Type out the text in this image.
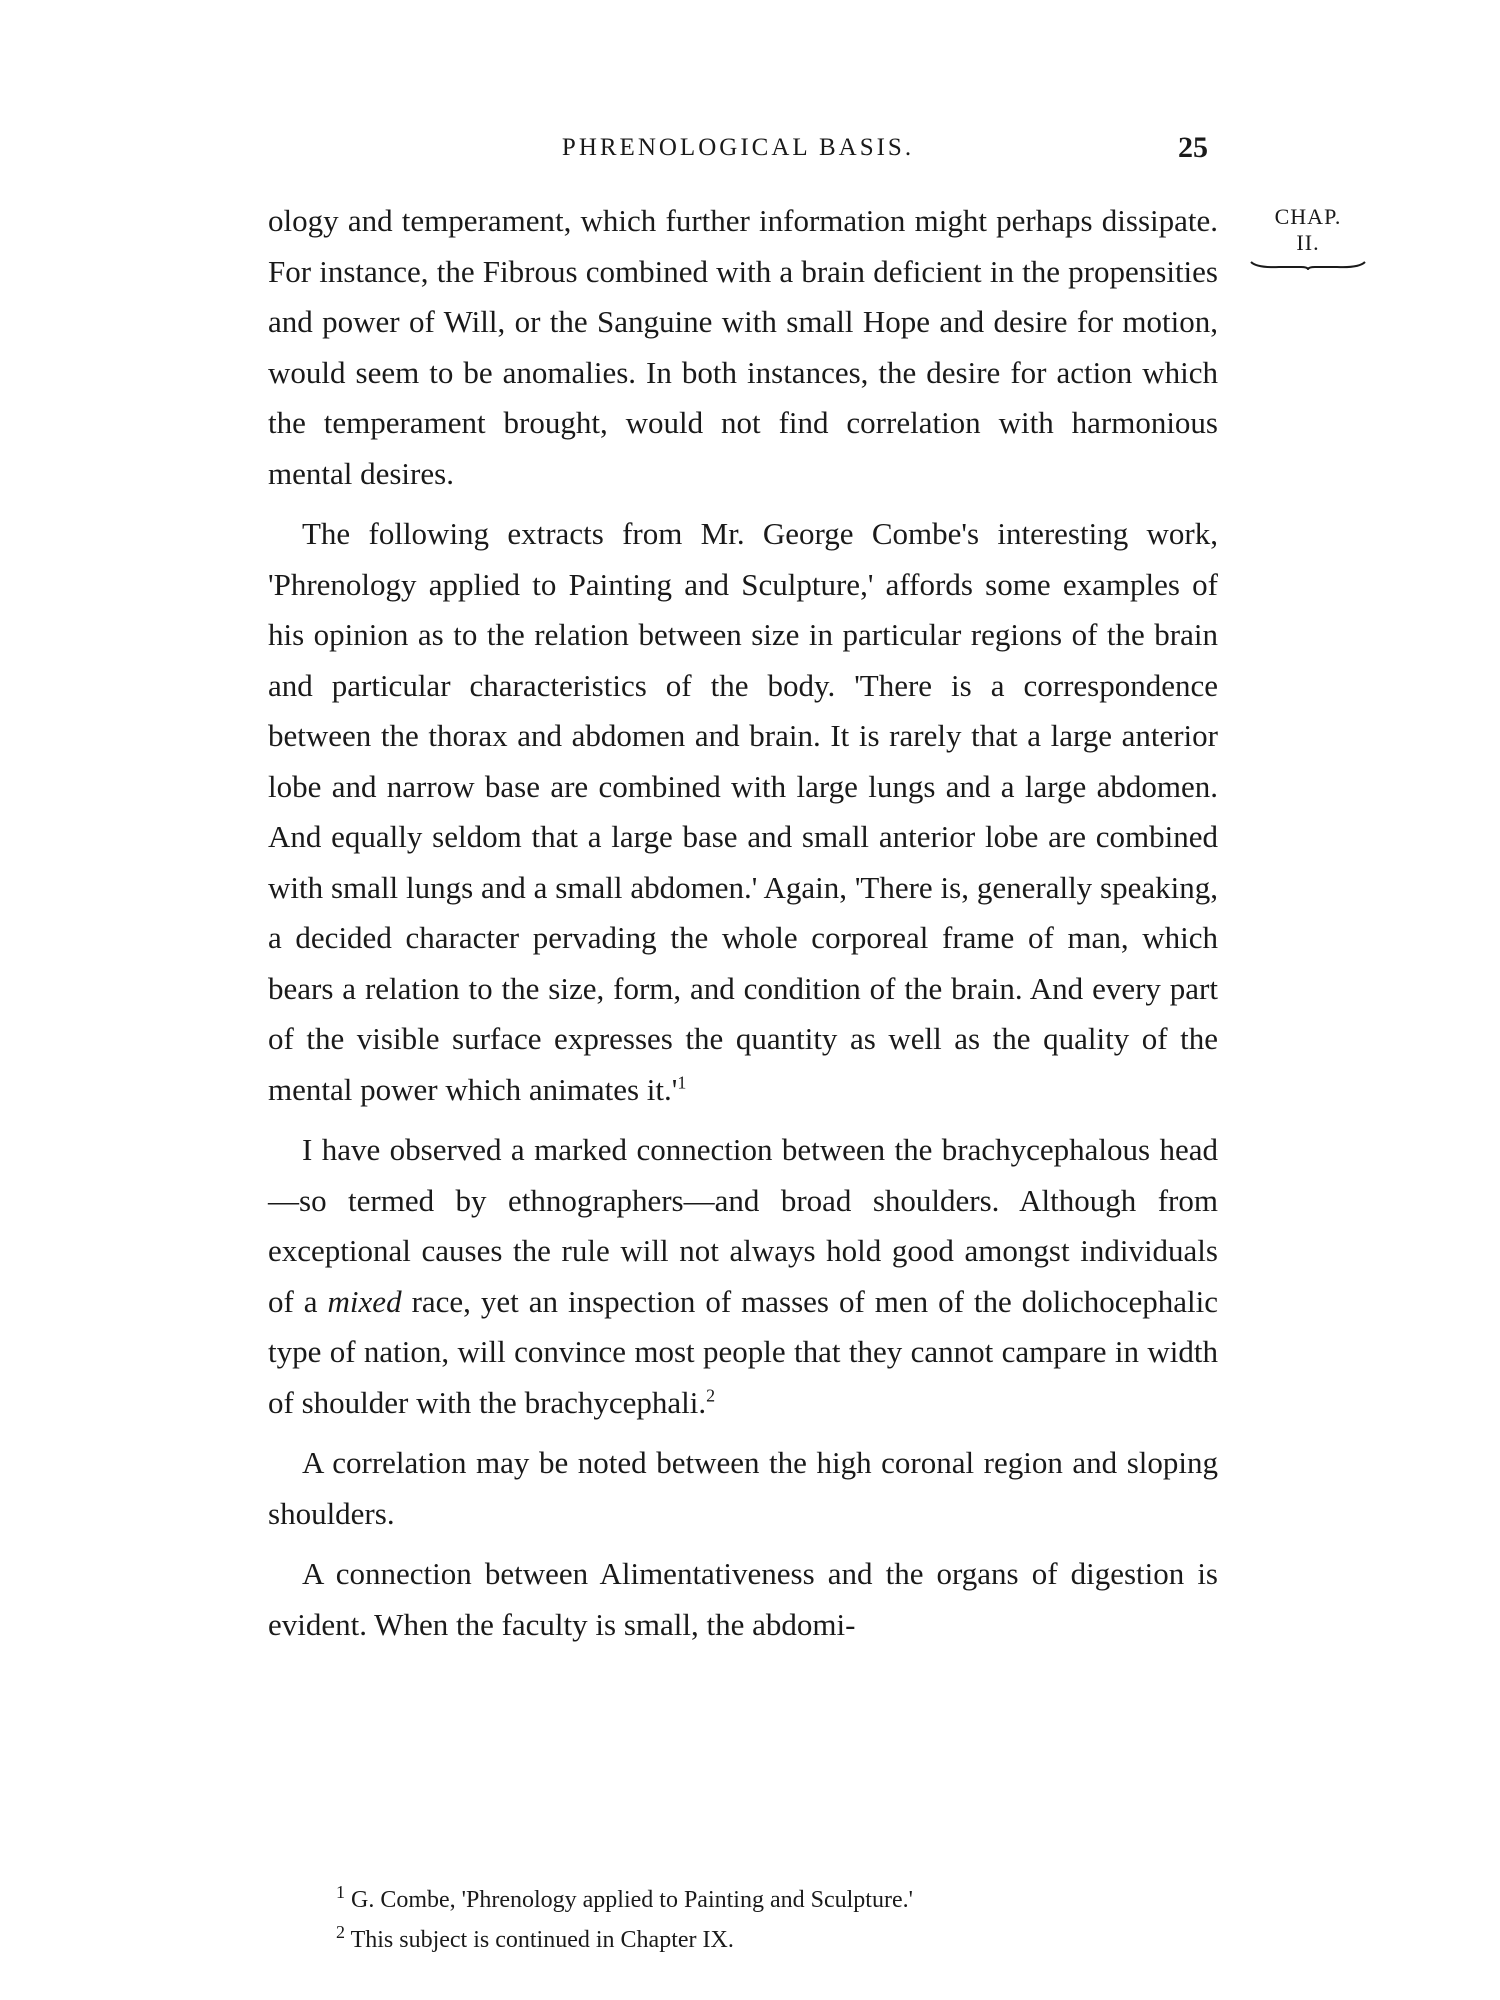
PHRENOLOGICAL BASIS.	25
CHAP.
II.

ology and temperament, which further information might perhaps dissipate. For instance, the Fibrous combined with a brain deficient in the propensities and power of Will, or the Sanguine with small Hope and desire for motion, would seem to be anomalies. In both instances, the desire for action which the temperament brought, would not find correlation with harmonious mental desires.

The following extracts from Mr. George Combe's interesting work, 'Phrenology applied to Painting and Sculpture,' affords some examples of his opinion as to the relation between size in particular regions of the brain and particular characteristics of the body. 'There is a correspondence between the thorax and abdomen and brain. It is rarely that a large anterior lobe and narrow base are combined with large lungs and a large abdomen. And equally seldom that a large base and small anterior lobe are combined with small lungs and a small abdomen.' Again, 'There is, generally speaking, a decided character pervading the whole corporeal frame of man, which bears a relation to the size, form, and condition of the brain. And every part of the visible surface expresses the quantity as well as the quality of the mental power which animates $it.'^1$

I have observed a marked connection between the brachycephalous head—so termed by ethnographers—and broad shoulders. Although from exceptional causes the rule will not always hold good amongst individuals of a mixed race, yet an inspection of masses of men of the dolichocephalic type of nation, will convince most people that they cannot campare in width of shoulder with the brachycephali.$^2$

A correlation may be noted between the high coronal region and sloping shoulders.

A connection between Alimentativeness and the organs of digestion is evident. When the faculty is small, the abdomi-

$^1$ G. Combe, 'Phrenology applied to Painting and Sculpture.'

$^2$ This subject is continued in Chapter IX.
